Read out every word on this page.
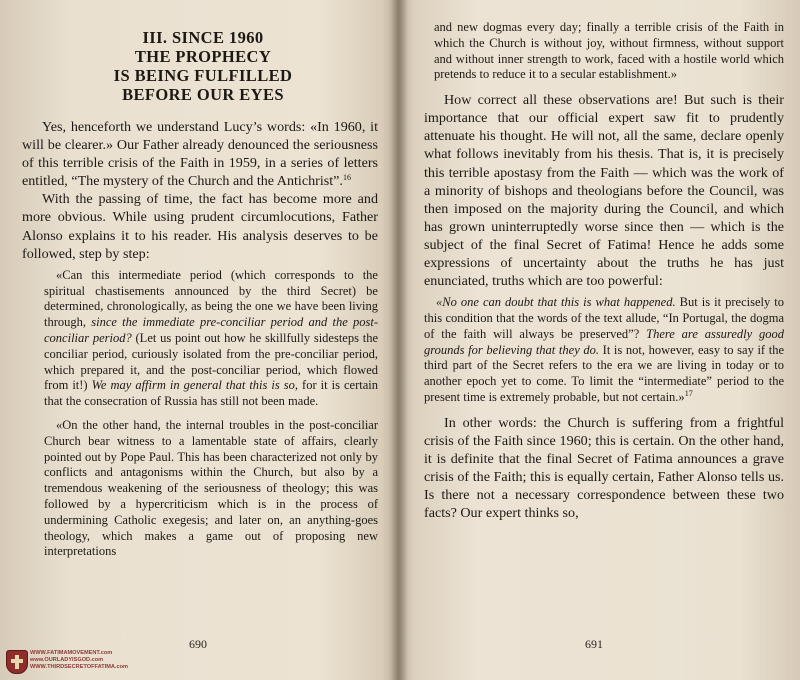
III. SINCE 1960
THE PROPHECY
IS BEING FULFILLED
BEFORE OUR EYES

Yes, henceforth we understand Lucy’s words: «In 1960, it will be clearer.» Our Father already denounced the seriousness of this terrible crisis of the Faith in 1959, in a series of letters entitled, “The mystery of the Church and the Antichrist”.$^{16}$

With the passing of time, the fact has become more and more obvious. While using prudent circumlocutions, Father Alonso explains it to his reader. His analysis deserves to be followed, step by step:

«Can this intermediate period (which corresponds to the spiritual chastisements announced by the third Secret) be determined, chronologically, as being the one we have been living through, since the immediate pre-conciliar period and the post-conciliar period? (Let us point out how he skillfully sidesteps the conciliar period, curiously isolated from the pre-conciliar period, which prepared it, and the post-conciliar period, which flowed from it!) We may affirm in general that this is so, for it is certain that the consecration of Russia has still not been made.
«On the other hand, the internal troubles in the post-conciliar Church bear witness to a lamentable state of affairs, clearly pointed out by Pope Paul. This has been characterized not only by conflicts and antagonisms within the Church, but also by a tremendous weakening of the seriousness of theology; this was followed by a hypercriticism which is in the process of undermining Catholic exegesis; and later on, an anything-goes theology, which makes a game out of proposing new interpretations
690
and new dogmas every day; finally a terrible crisis of the Faith in which the Church is without joy, without firmness, without support and without inner strength to work, faced with a hostile world which pretends to reduce it to a secular establishment.»

How correct all these observations are! But such is their importance that our official expert saw fit to prudently attenuate his thought. He will not, all the same, declare openly what follows inevitably from his thesis. That is, it is precisely this terrible apostasy from the Faith — which was the work of a minority of bishops and theologians before the Council, was then imposed on the majority during the Council, and which has grown uninterruptedly worse since then — which is the subject of the final Secret of Fatima! Hence he adds some expressions of uncertainty about the truths he has just enunciated, truths which are too powerful:

«No one can doubt that this is what happened. But is it precisely to this condition that the words of the text allude, “In Portugal, the dogma of the faith will always be preserved”? There are assuredly good grounds for believing that they do. It is not, however, easy to say if the third part of the Secret refers to the era we are living in today or to another epoch yet to come. To limit the “intermediate” period to the present time is extremely probable, but not certain.»$^{17}$

In other words: the Church is suffering from a frightful crisis of the Faith since 1960; this is certain. On the other hand, it is definite that the final Secret of Fatima announces a grave crisis of the Faith; this is equally certain, Father Alonso tells us. Is there not a necessary correspondence between these two facts? Our expert thinks so,

691
WWW.FATIMAMOVEMENT.com
www.OURLADYISGOD.com
WWW.THIRDSECRETOFFATIMA.com
